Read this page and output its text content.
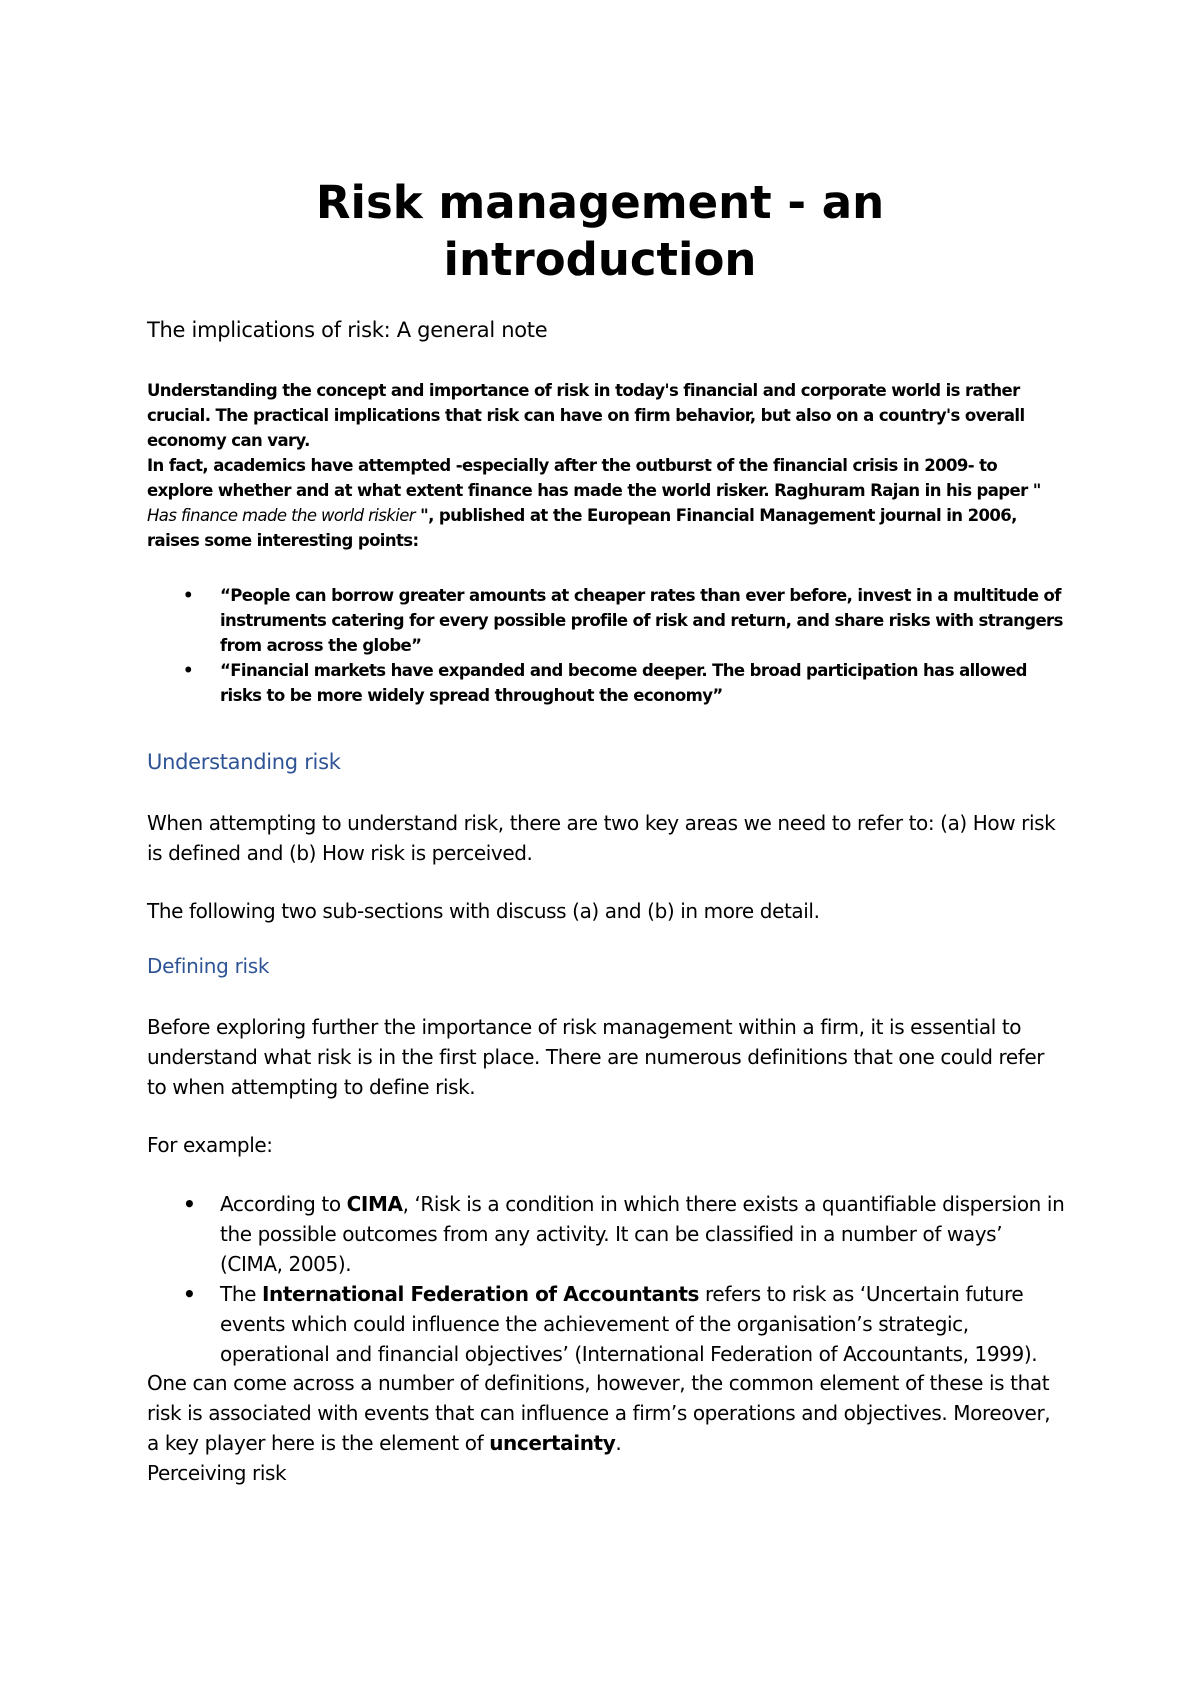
Risk management - an
introduction
The implications of risk: A general note

Understanding the concept and importance of risk in today's financial and corporate world is rather crucial. The practical implications that risk can have on firm behavior, but also on a country's overall economy can vary.

In fact, academics have attempted -especially after the outburst of the financial crisis in 2009- to explore whether and at what extent finance has made the world risker. Raghuram Rajan in his paper " Has finance made the world riskier ", published at the European Financial Management journal in 2006, raises some interesting points:

• “People can borrow greater amounts at cheaper rates than ever before, invest in a multitude of instruments catering for every possible profile of risk and return, and share risks with strangers from across the globe”
• “Financial markets have expanded and become deeper. The broad participation has allowed risks to be more widely spread throughout the economy”
Understanding risk

When attempting to understand risk, there are two key areas we need to refer to: (a) How risk is defined and (b) How risk is perceived.

The following two sub-sections with discuss (a) and (b) in more detail.

Defining risk

Before exploring further the importance of risk management within a firm, it is essential to understand what risk is in the first place. There are numerous definitions that one could refer to when attempting to define risk.

For example:

• According to CIMA, ‘Risk is a condition in which there exists a quantifiable dispersion in the possible outcomes from any activity. It can be classified in a number of ways’ (CIMA, 2005).
• The International Federation of Accountants refers to risk as ‘Uncertain future events which could influence the achievement of the organisation’s strategic, operational and financial objectives’ (International Federation of Accountants, 1999).

One can come across a number of definitions, however, the common element of these is that risk is associated with events that can influence a firm’s operations and objectives. Moreover, a key player here is the element of uncertainty.

Perceiving risk
